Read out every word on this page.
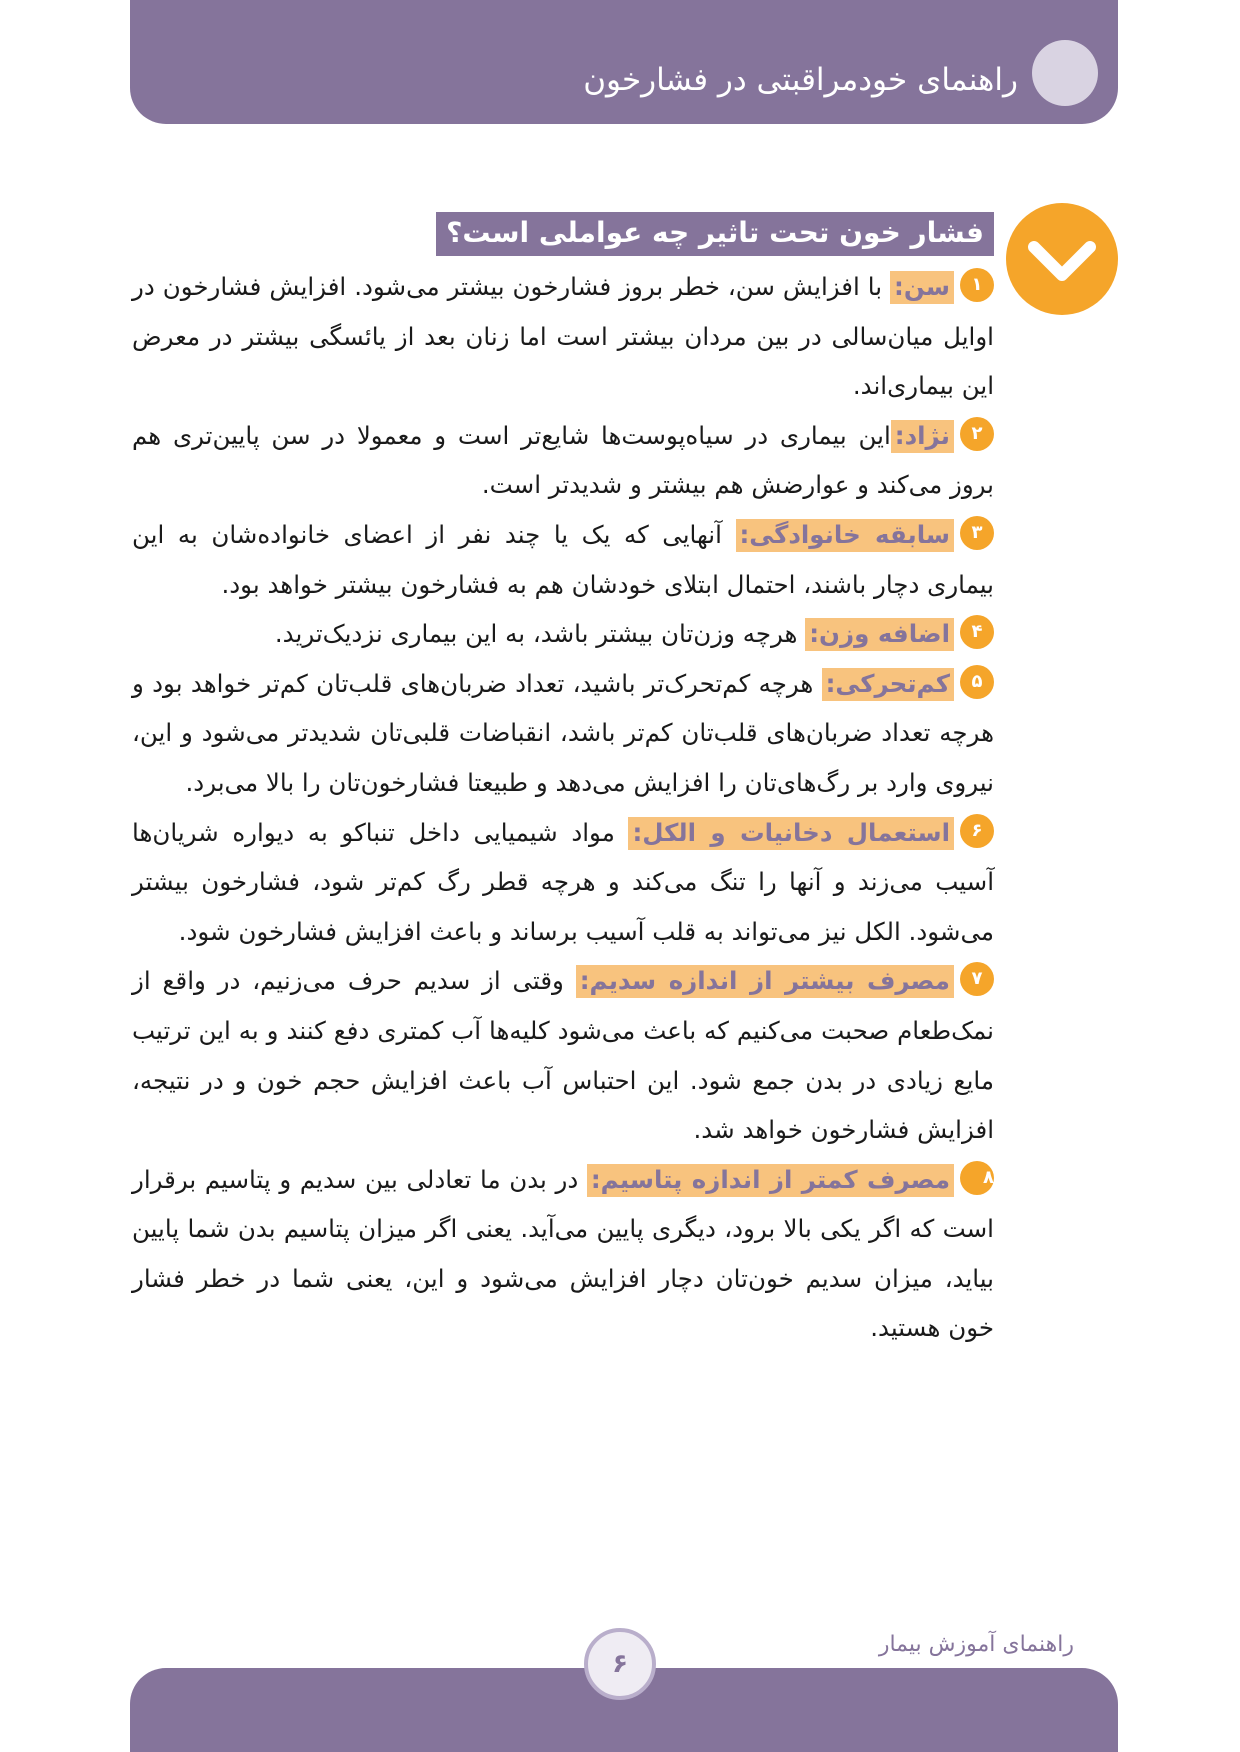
راهنمای خودمراقبتی در فشارخون
فشار خون تحت تاثیر چه عواملی است؟

۱سن: با افزایش سن، خطر بروز فشارخون بیشتر می‌شود. افزایش فشارخون در اوایل میان‌سالی در بین مردان بیشتر است اما زنان بعد از یائسگی بیشتر در معرض این بیماری‌اند.

۲نژاد:این بیماری در سیاه‌پوست‌ها شایع‌تر است و معمولا در سن پایین‌تری هم بروز می‌کند و عوارضش هم بیشتر و شدیدتر است.

۳سابقه خانوادگی: آنهایی که یک یا چند نفر از اعضای خانواده‌شان به این بیماری دچار باشند، احتمال ابتلای خودشان هم به فشارخون بیشتر خواهد بود.

۴اضافه وزن: هرچه وزن‌تان بیشتر باشد، به این بیماری نزدیک‌ترید.

۵کم‌تحرکی: هرچه کم‌تحرک‌تر باشید، تعداد ضربان‌های قلب‌تان کم‌تر خواهد بود و هرچه تعداد ضربان‌های قلب‌تان کم‌تر باشد، انقباضات قلبی‌تان شدیدتر می‌شود و این، نیروی وارد بر رگ‌های‌تان را افزایش می‌دهد و طبیعتا فشارخون‌تان را بالا می‌برد.

۶استعمال دخانیات و الکل: مواد شیمیایی داخل تنباکو به دیواره شریان‌ها آسیب می‌زند و آنها را تنگ می‌کند و هرچه قطر رگ کم‌تر شود، فشارخون بیشتر می‌شود. الکل نیز می‌تواند به قلب آسیب برساند و باعث افزایش فشارخون شود.

۷مصرف بیشتر از اندازه سدیم: وقتی از سدیم حرف می‌زنیم، در واقع از نمک‌طعام صحبت می‌کنیم که باعث می‌شود کلیه‌ها آب کمتری دفع کنند و به این ترتیب مایع زیادی در بدن جمع شود. این احتباس آب باعث افزایش حجم خون و در نتیجه، افزایش فشارخون خواهد شد.

۸مصرف کمتر از اندازه پتاسیم: در بدن ما تعادلی بین سدیم و پتاسیم برقرار است که اگر یکی بالا برود، دیگری پایین می‌آید. یعنی اگر میزان پتاسیم بدن شما پایین بیاید، میزان سدیم خون‌تان دچار افزایش می‌شود و این، یعنی شما در خطر فشار خون هستید.

راهنمای آموزش بیمار
۶
